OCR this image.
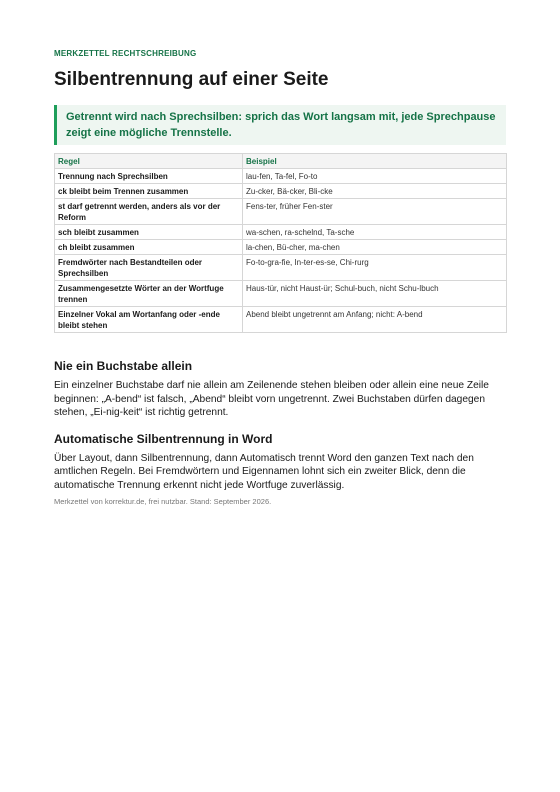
MERKZETTEL RECHTSCHREIBUNG

Silbentrennung auf einer Seite
Getrennt wird nach Sprechsilben: sprich das Wort langsam mit, jede Sprechpause zeigt eine mögliche Trennstelle.
Regel	Beispiel
Trennung nach Sprechsilben	lau-fen, Ta-fel, Fo-to
ck bleibt beim Trennen zusammen	Zu-cker, Bä-cker, Bli-cke
st darf getrennt werden, anders als vor der Reform	Fens-ter, früher Fen-ster
sch bleibt zusammen	wa-schen, ra-schelnd, Ta-sche
ch bleibt zusammen	la-chen, Bü-cher, ma-chen
Fremdwörter nach Bestandteilen oder Sprechsilben	Fo-to-gra-fie, In-ter-es-se, Chi-rurg
Zusammengesetzte Wörter an der Wortfuge trennen	Haus-tür, nicht Haust-ür; Schul-buch, nicht Schu-lbuch
Einzelner Vokal am Wortanfang oder -ende bleibt stehen	Abend bleibt ungetrennt am Anfang; nicht: A-bend
Nie ein Buchstabe allein

Ein einzelner Buchstabe darf nie allein am Zeilenende stehen bleiben oder allein eine neue Zeile beginnen: „A-bend“ ist falsch, „Abend“ bleibt vorn ungetrennt. Zwei Buchstaben dürfen dagegen stehen, „Ei-nig-keit“ ist richtig getrennt.

Automatische Silbentrennung in Word

Über Layout, dann Silbentrennung, dann Automatisch trennt Word den ganzen Text nach den amtlichen Regeln. Bei Fremdwörtern und Eigennamen lohnt sich ein zweiter Blick, denn die automatische Trennung erkennt nicht jede Wortfuge zuverlässig.

Merkzettel von korrektur.de, frei nutzbar. Stand: September 2026.
